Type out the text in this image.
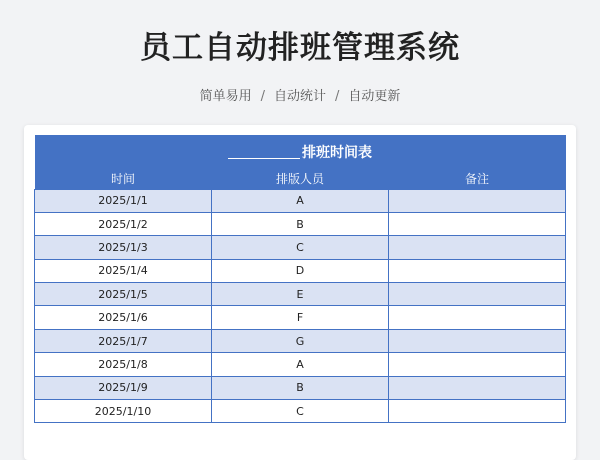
员工自动排班管理系统
简单易用 / 自动统计 / 自动更新
排班时间表		
时间	排版人员	备注
2025/1/1	A	
2025/1/2	B	
2025/1/3	C	
2025/1/4	D	
2025/1/5	E	
2025/1/6	F	
2025/1/7	G	
2025/1/8	A	
2025/1/9	B	
2025/1/10	C	
